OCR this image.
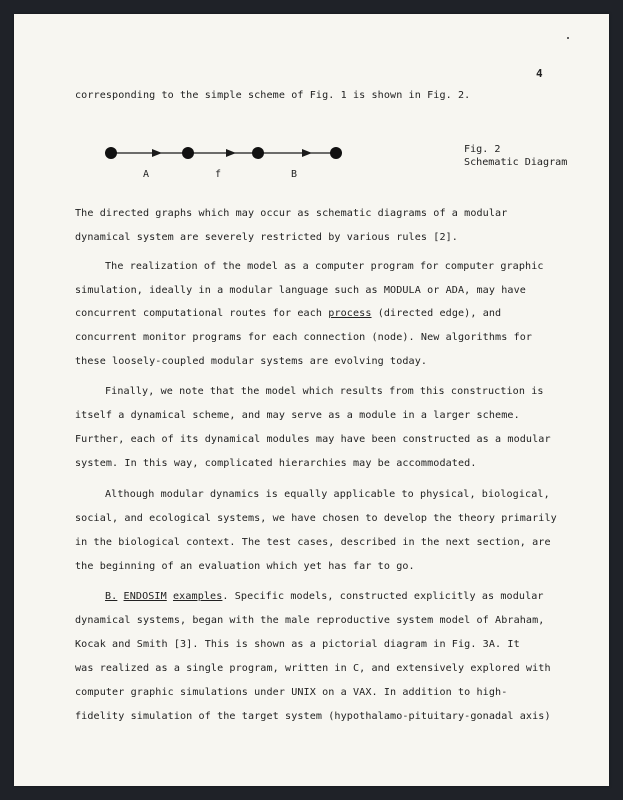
4
corresponding to the simple scheme of Fig. 1 is shown in Fig. 2.
A	f	B
Fig. 2
Schematic Diagram
The directed graphs which may occur as schematic diagrams of a modular
dynamical system are severely restricted by various rules [2].
The realization of the model as a computer program for computer graphic
simulation, ideally in a modular language such as MODULA or ADA, may have
concurrent computational routes for each process (directed edge), and
concurrent monitor programs for each connection (node). New algorithms for
these loosely-coupled modular systems are evolving today.
Finally, we note that the model which results from this construction is
itself a dynamical scheme, and may serve as a module in a larger scheme.
Further, each of its dynamical modules may have been constructed as a modular
system. In this way, complicated hierarchies may be accommodated.
Although modular dynamics is equally applicable to physical, biological,
social, and ecological systems, we have chosen to develop the theory primarily
in the biological context. The test cases, described in the next section, are
the beginning of an evaluation which yet has far to go.
B. ENDOSIM examples. Specific models, constructed explicitly as modular
dynamical systems, began with the male reproductive system model of Abraham,
Kocak and Smith [3]. This is shown as a pictorial diagram in Fig. 3A. It
was realized as a single program, written in C, and extensively explored with
computer graphic simulations under UNIX on a VAX. In addition to high-
fidelity simulation of the target system (hypothalamo-pituitary-gonadal axis)
